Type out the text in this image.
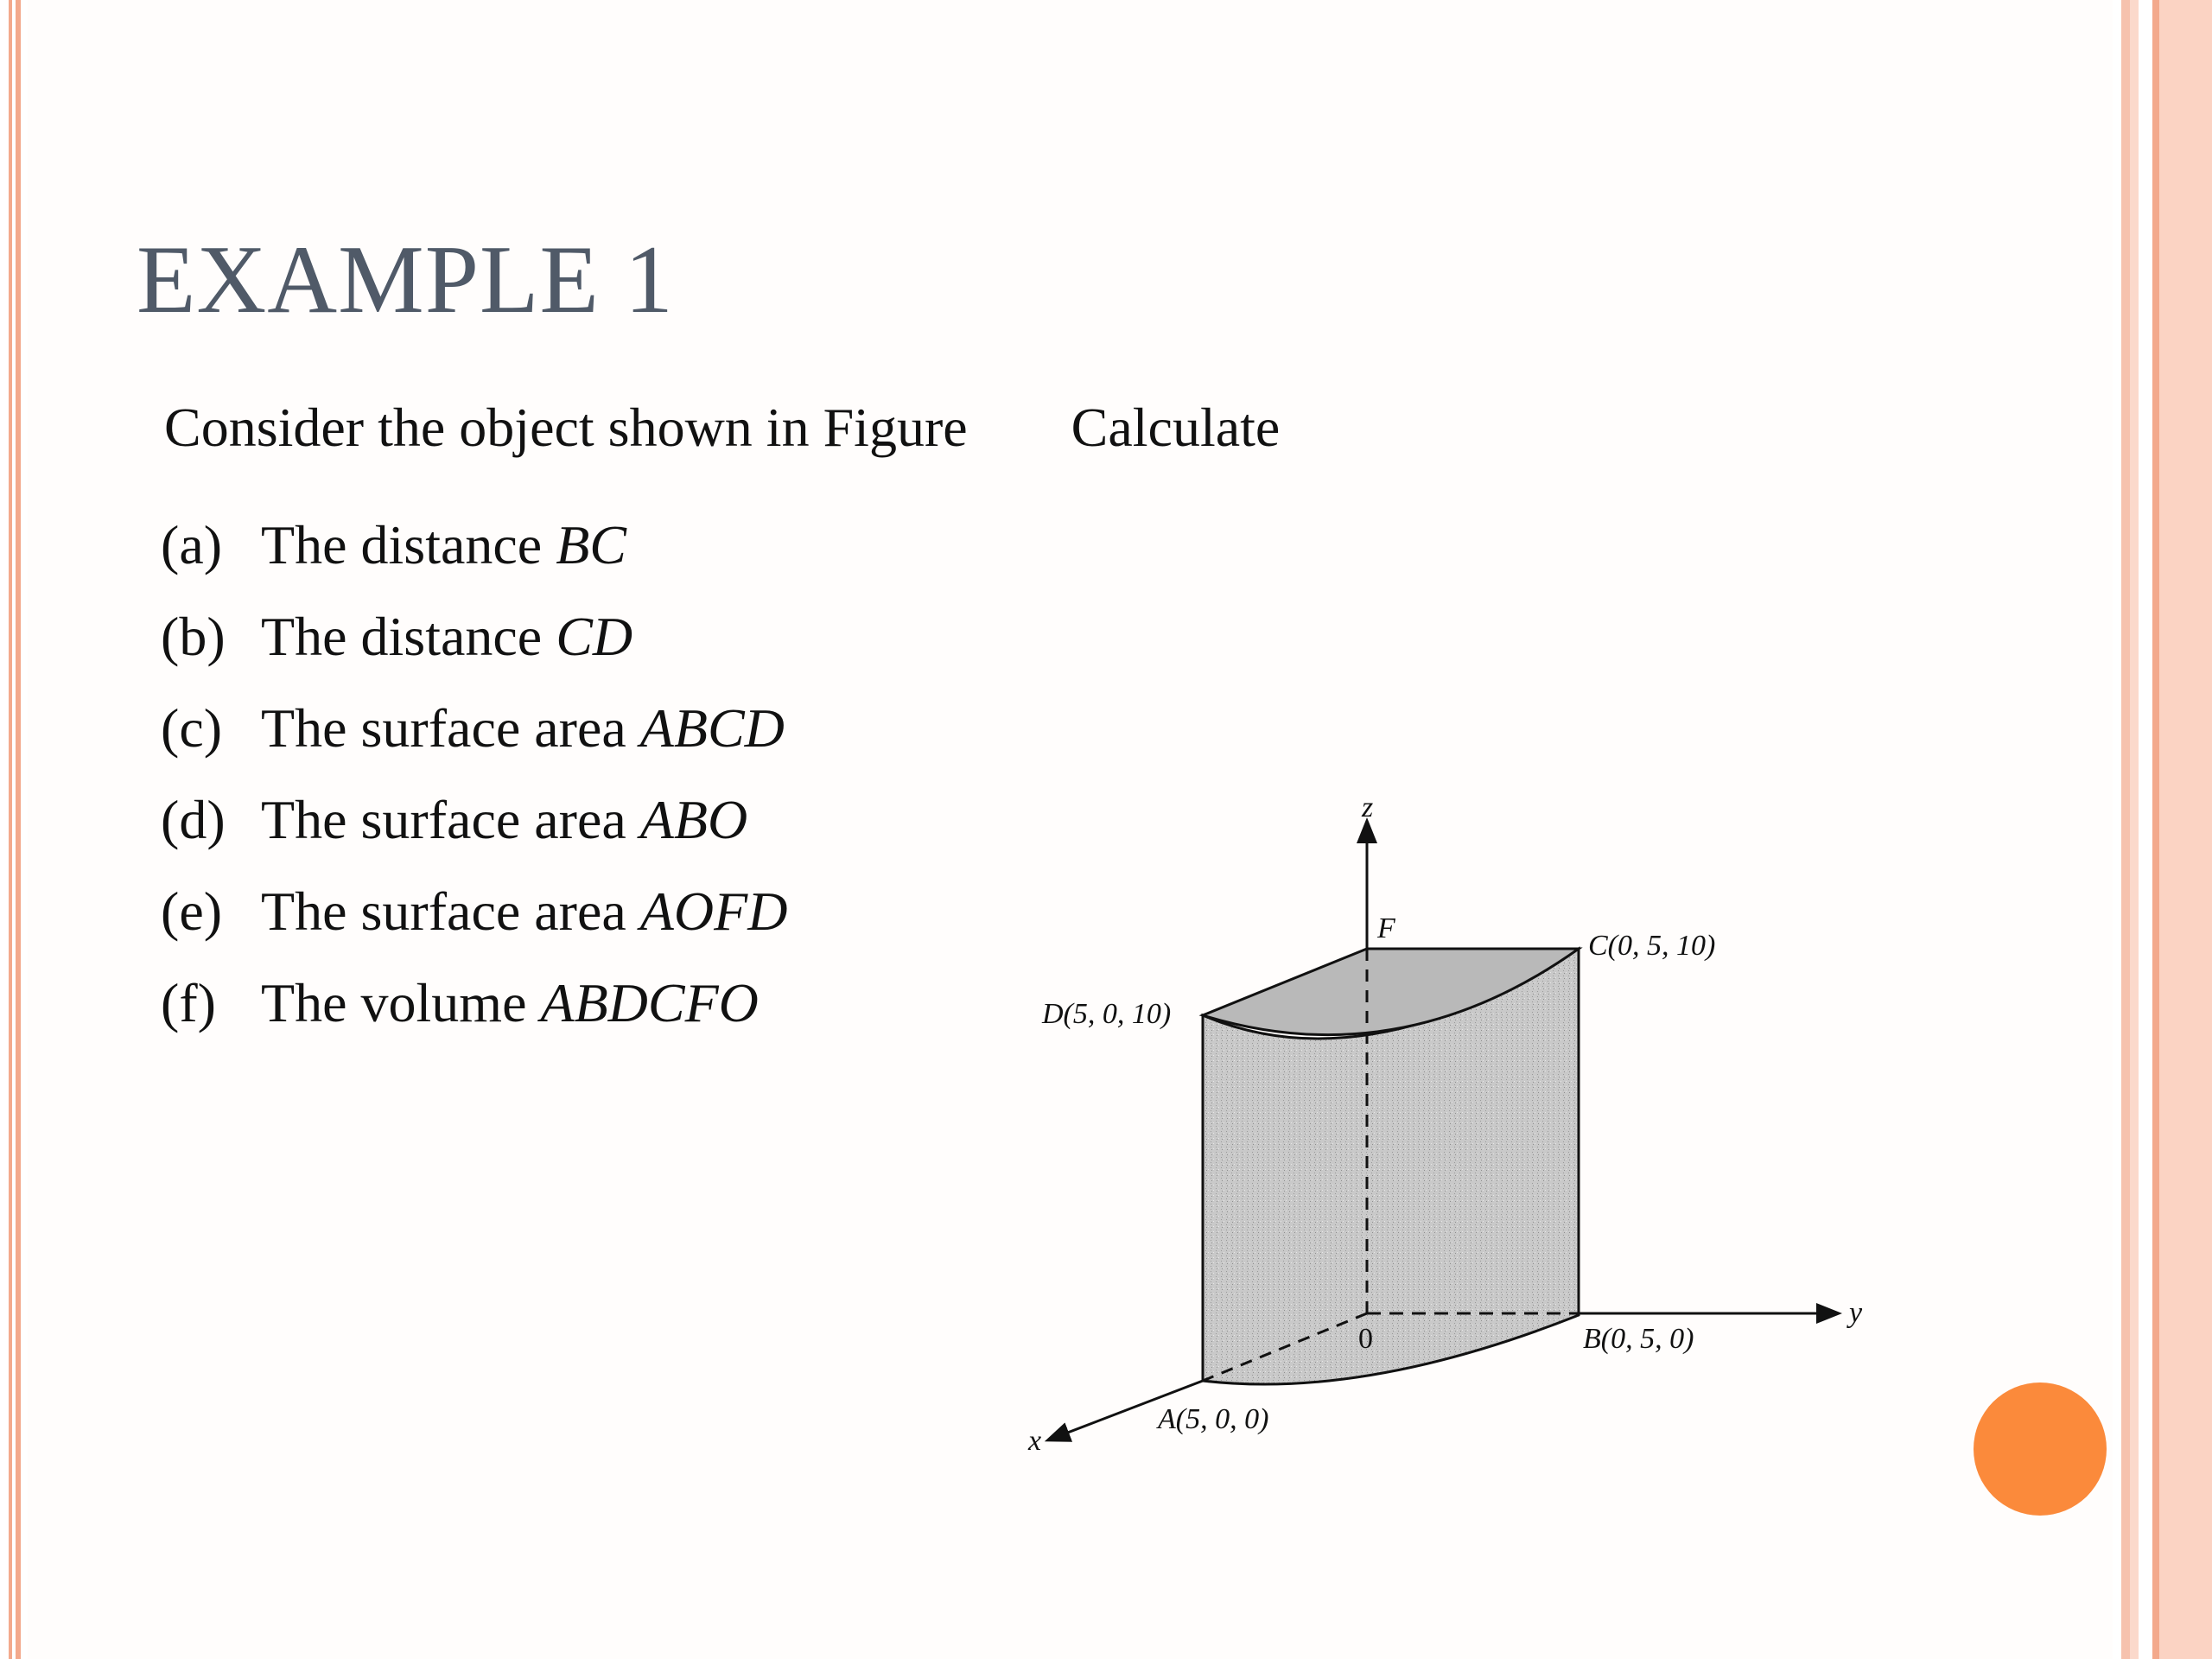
EXAMPLE 1
Consider the object shown in Figure Calculate
(a) The distance BC
(b) The distance CD
(c) The surface area ABCD
(d) The surface area ABO
(e) The surface area AOFD
(f) The volume ABDCFO
z
y
x
0
F
C(0, 5, 10)
D(5, 0, 10)
B(0, 5, 0)
A(5, 0, 0)
